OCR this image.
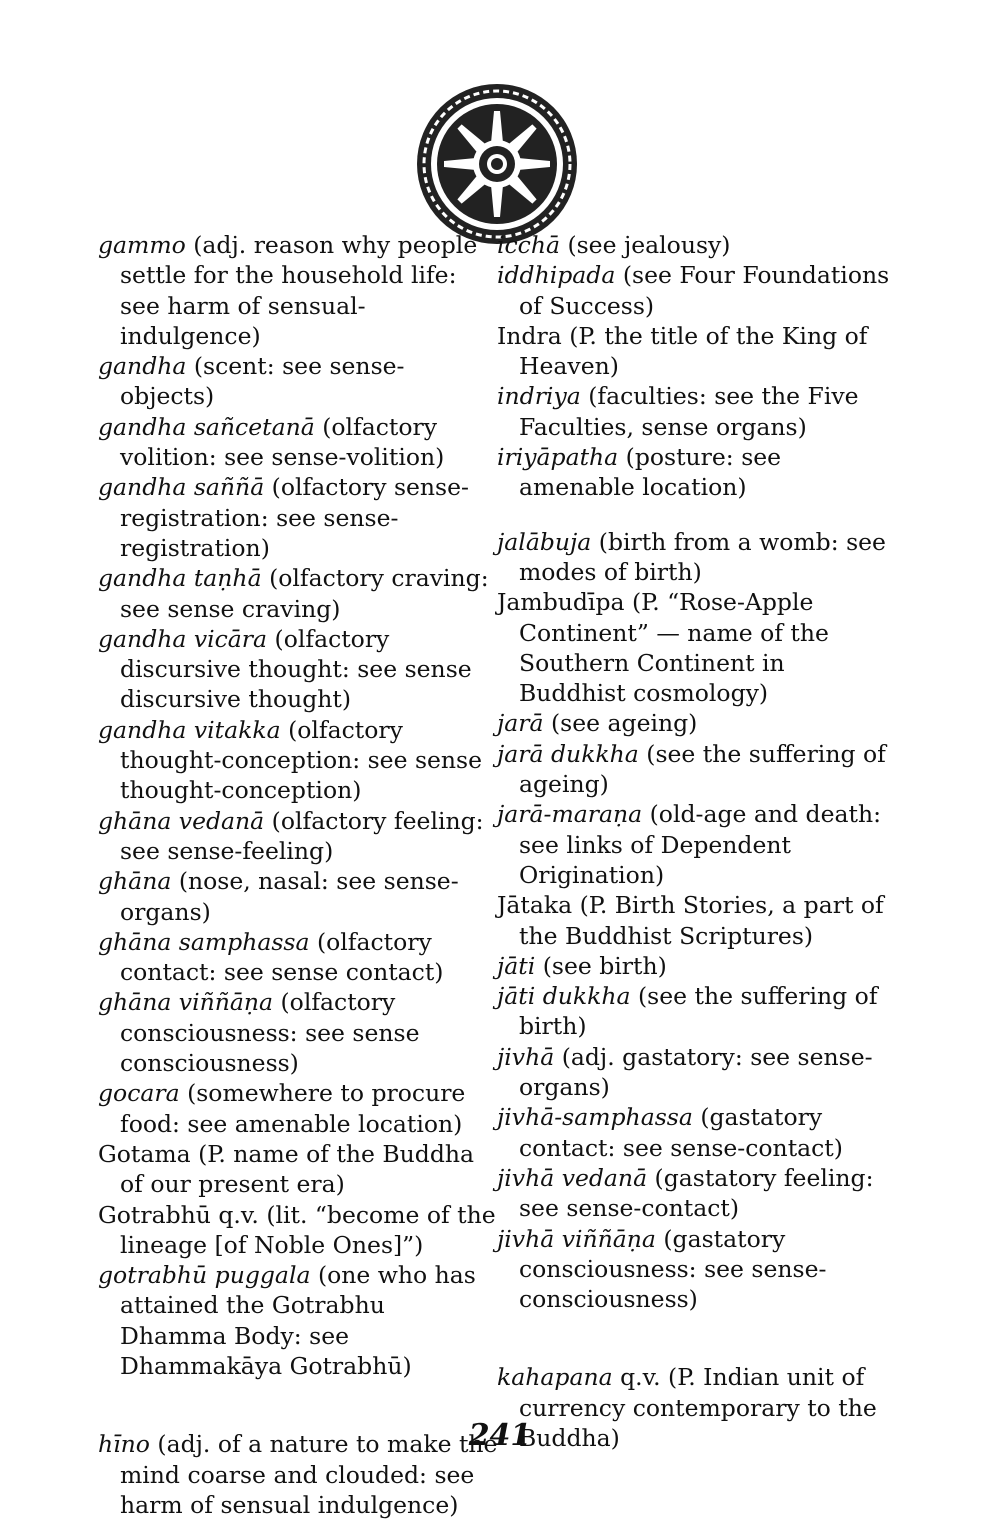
gammo (adj. reason why people settle for the household life: see harm of sensual-indulgence)

gandha (scent: see sense-objects)

gandha sañcetanā (olfactory volition: see sense-volition)

gandha saññā (olfactory sense-registration: see sense-registration)

gandha taṇhā (olfactory craving: see sense craving)

gandha vicāra (olfactory discursive thought: see sense discursive thought)

gandha vitakka (olfactory thought-conception: see sense thought-conception)

ghāna vedanā (olfactory feeling: see sense-feeling)

ghāna (nose, nasal: see sense-organs)

ghāna samphassa (olfactory contact: see sense contact)

ghāna viññāṇa (olfactory consciousness: see sense consciousness)

gocara (somewhere to procure food: see amenable location)

Gotama (P. name of the Buddha of our present era)

Gotrabhū q.v. (lit. “become of the lineage [of Noble Ones]”)

gotrabhū puggala (one who has attained the Gotrabhu Dhamma Body: see Dhammakāya Gotrabhū)

hīno (adj. of a nature to make the mind coarse and clouded: see harm of sensual indulgence)

icchā (see jealousy)

iddhipada (see Four Foundations of Success)

Indra (P. the title of the King of Heaven)

indriya (faculties: see the Five Faculties, sense organs)

iriyāpatha (posture: see amenable location)

jalābuja (birth from a womb: see modes of birth)

Jambudīpa (P. “Rose-Apple Continent” — name of the Southern Continent in Buddhist cosmology)

jarā (see ageing)

jarā dukkha (see the suffering of ageing)

jarā-maraṇa (old-age and death: see links of Dependent Origination)

Jātaka (P. Birth Stories, a part of the Buddhist Scriptures)

jāti (see birth)

jāti dukkha (see the suffering of birth)

jivhā (adj. gastatory: see sense-organs)

jivhā-samphassa (gastatory contact: see sense-contact)

jivhā vedanā (gastatory feeling: see sense-contact)

jivhā viññāṇa (gastatory consciousness: see sense-consciousness)

kahapana q.v. (P. Indian unit of currency contemporary to the Buddha)

241
